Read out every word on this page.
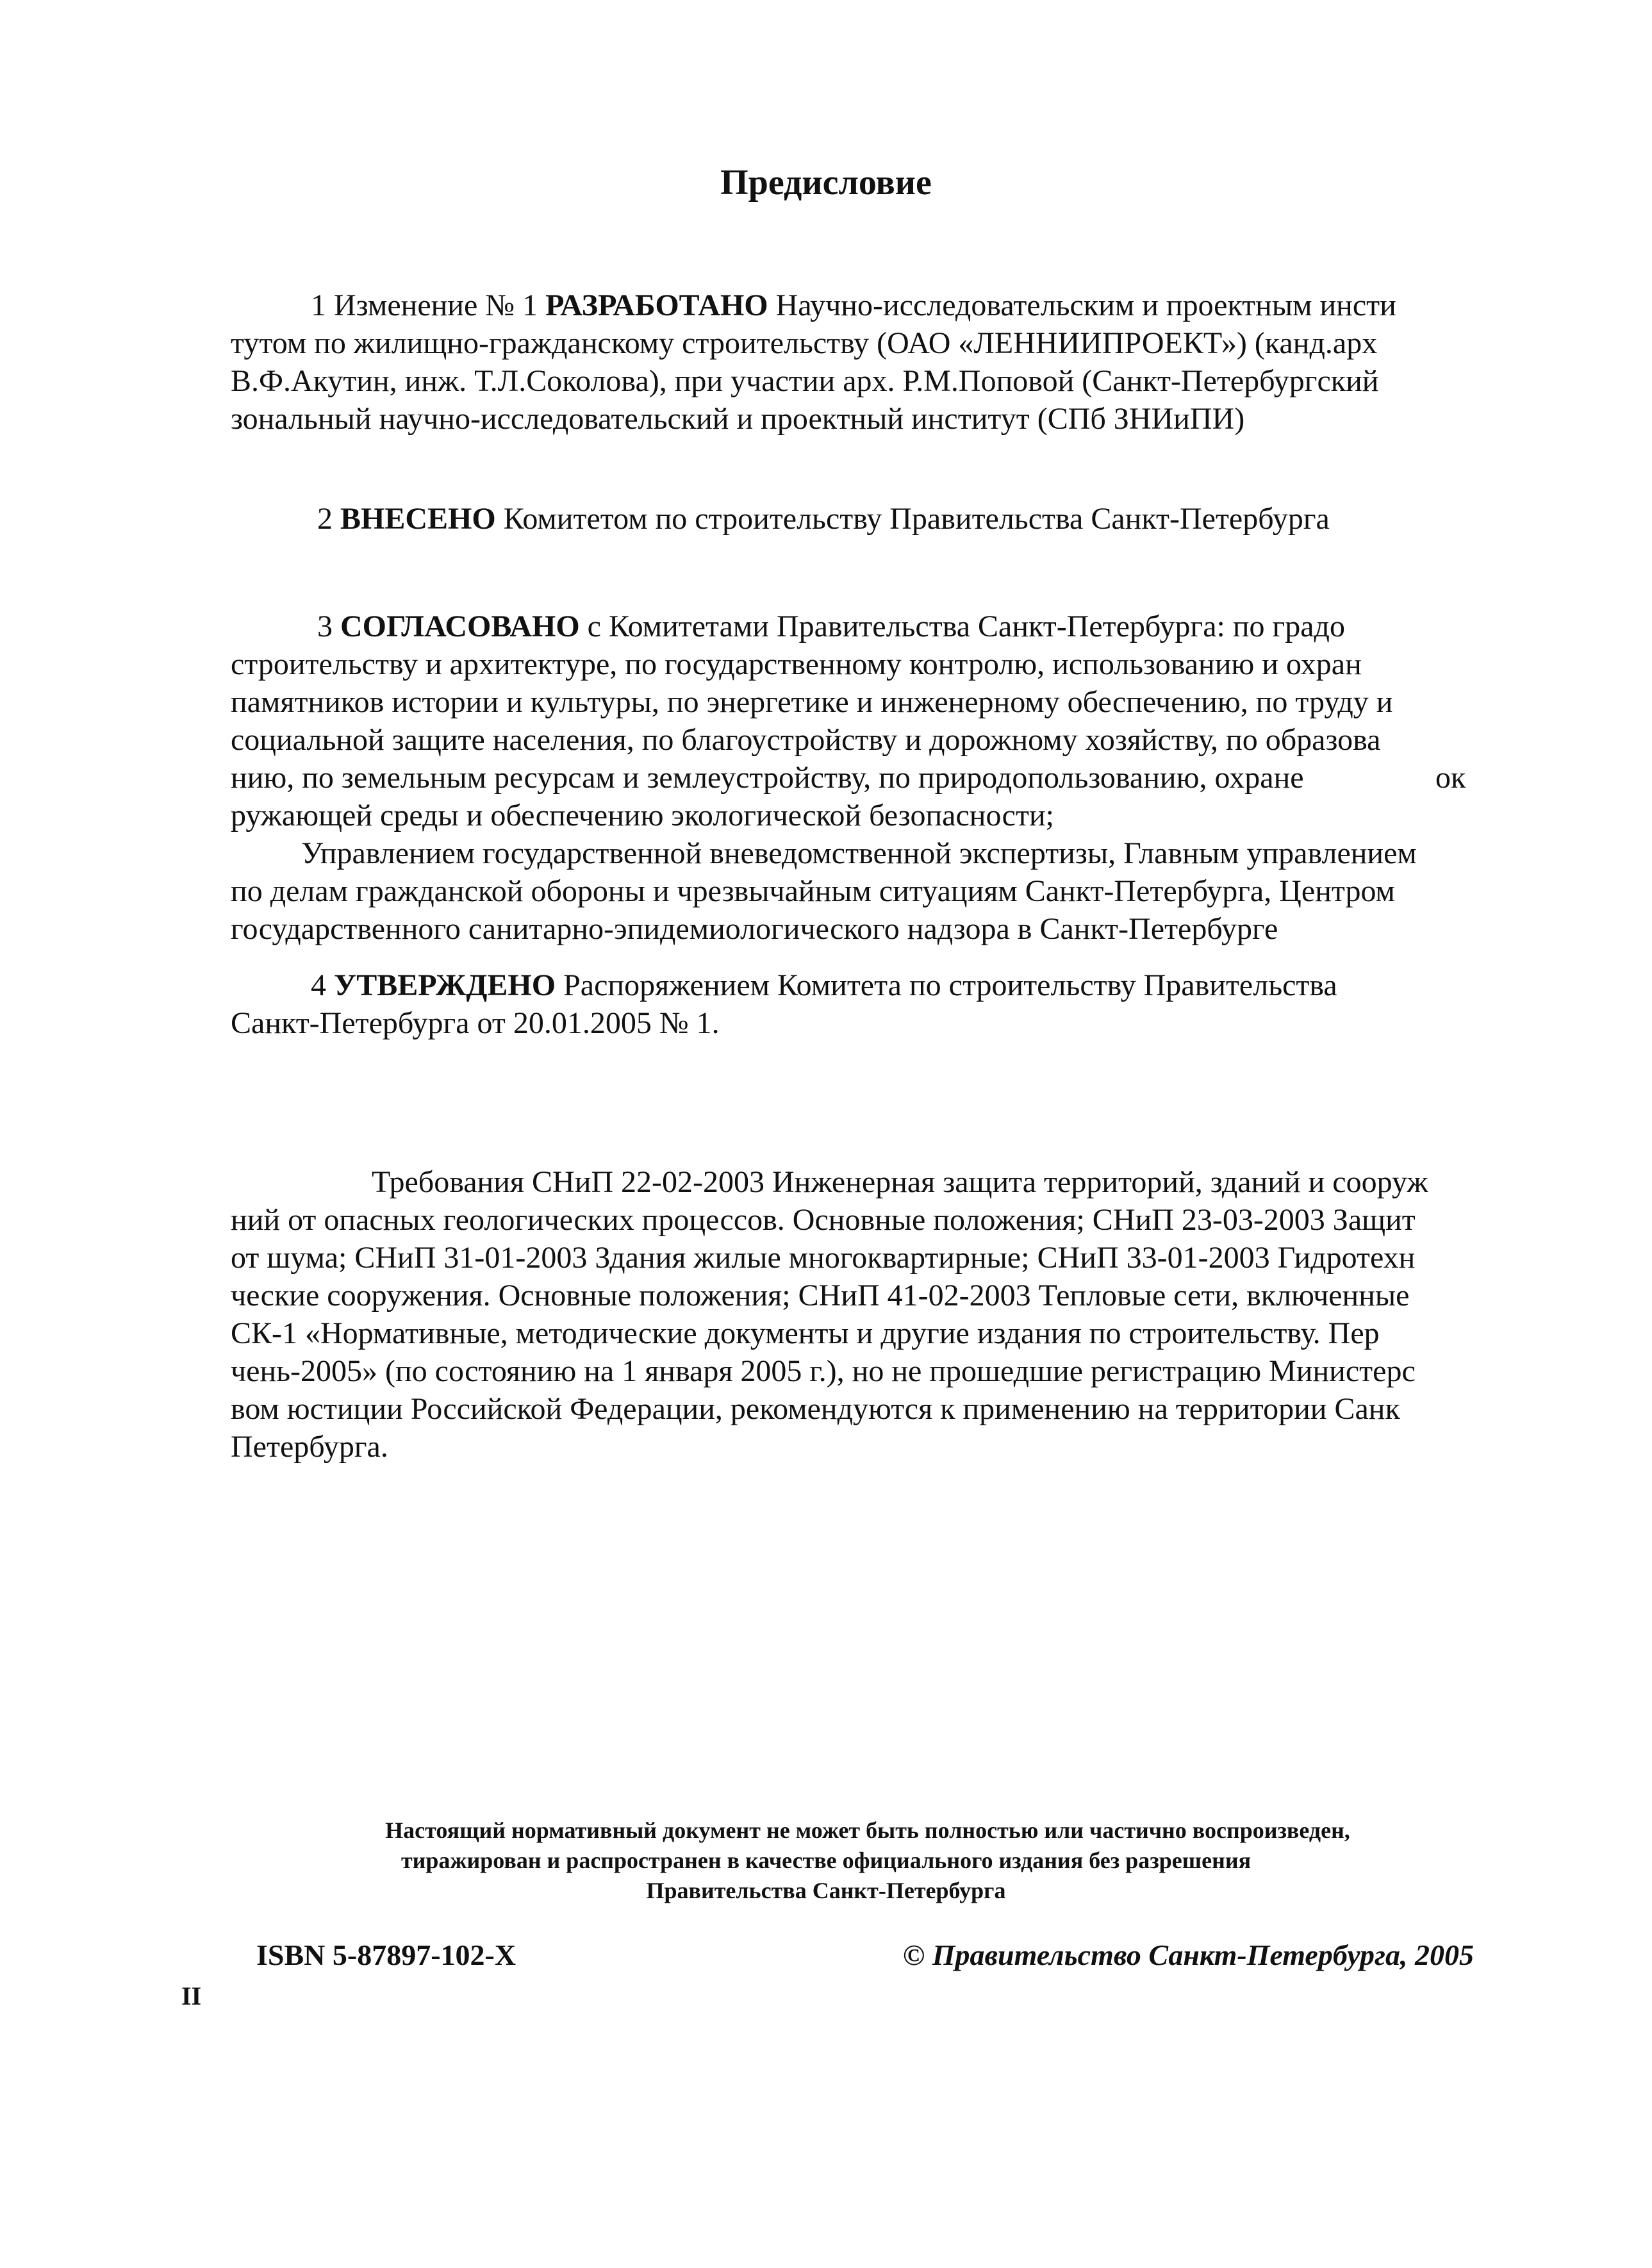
Предисловие
1 Изменение № 1 РАЗРАБОТАНО Научно-исследовательским и проектным инсти
тутом по жилищно-гражданскому строительству (ОАО «ЛЕННИИПРОЕКТ») (канд.арх
В.Ф.Акутин, инж. Т.Л.Соколова), при участии арх. Р.М.Поповой (Санкт-Петербургский
зональный научно-исследовательский и проектный институт (СПб ЗНИиПИ)
2 ВНЕСЕНО Комитетом по строительству Правительства Санкт-Петербурга
3 СОГЛАСОВАНО с Комитетами Правительства Санкт-Петербурга: по градо
строительству и архитектуре, по государственному контролю, использованию и охран
памятников истории и культуры, по энергетике и инженерному обеспечению, по труду и
социальной защите населения, по благоустройству и дорожному хозяйству, по образова
нию, по земельным ресурсам и землеустройству, по природопользованию, охране	ок
ружающей среды и обеспечению экологической безопасности;
Управлением государственной вневедомственной экспертизы, Главным управлением
по делам гражданской обороны и чрезвычайным ситуациям Санкт-Петербурга, Центром
государственного санитарно-эпидемиологического надзора в Санкт-Петербурге
4 УТВЕРЖДЕНО Распоряжением Комитета по строительству Правительства
Санкт-Петербурга от 20.01.2005 № 1.
Требования СНиП 22-02-2003 Инженерная защита территорий, зданий и сооруж
ний от опасных геологических процессов. Основные положения; СНиП 23-03-2003 Защит
от шума; СНиП 31-01-2003 Здания жилые многоквартирные; СНиП 33-01-2003 Гидротехн
ческие сооружения. Основные положения; СНиП 41-02-2003 Тепловые сети, включенные
СК-1 «Нормативные, методические документы и другие издания по строительству. Пер
чень-2005» (по состоянию на 1 января 2005 г.), но не прошедшие регистрацию Министерс
вом юстиции Российской Федерации, рекомендуются к применению на территории Санк
Петербурга.
Настоящий нормативный документ не может быть полностью или частично воспроизведен,
тиражирован и распространен в качестве официального издания без разрешения
Правительства Санкт-Петербурга
ISBN 5-87897-102-X	© Правительство Санкт-Петербурга, 2005
II
